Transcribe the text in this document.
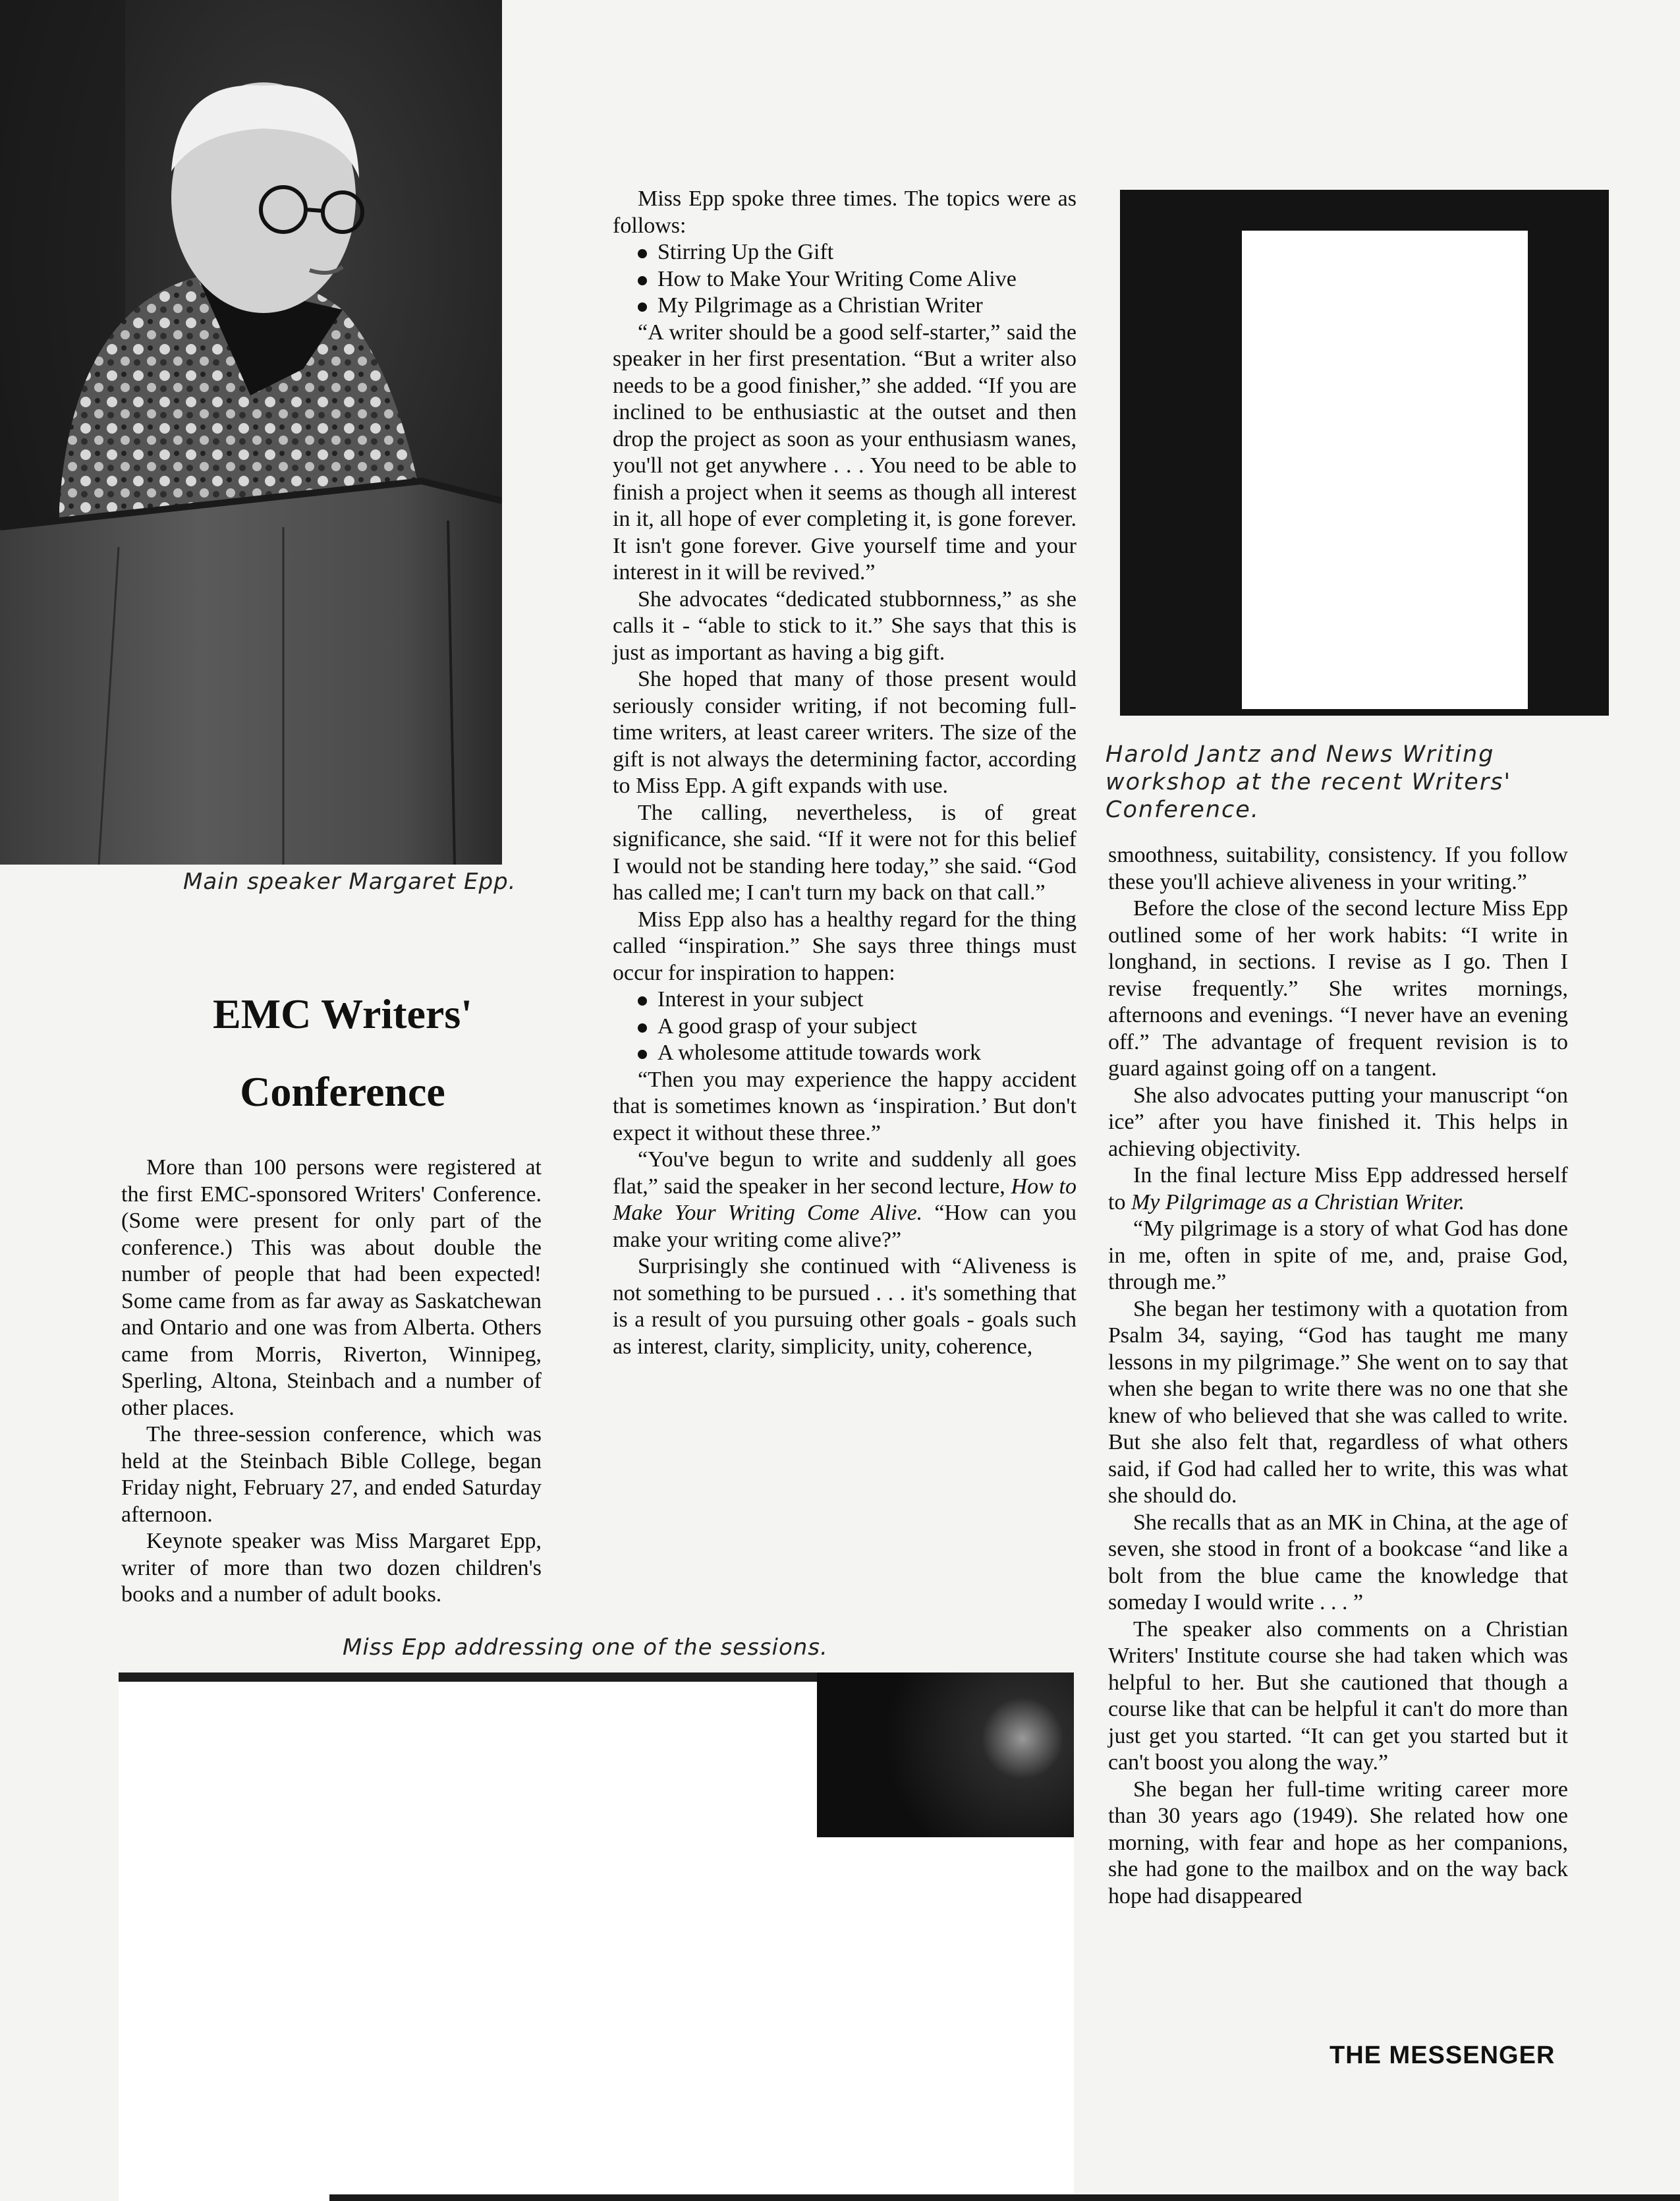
Main speaker Margaret Epp.
Harold Jantz and News Writing workshop at the recent Writers' Conference.
EMC Writers'
Conference

More than 100 persons were registered at the first EMC-sponsored Writers' Conference. (Some were present for only part of the conference.) This was about double the number of people that had been expected! Some came from as far away as Saskatchewan and Ontario and one was from Alberta. Others came from Morris, Riverton, Winnipeg, Sperling, Altona, Steinbach and a number of other places.

The three-session conference, which was held at the Steinbach Bible College, began Friday night, February 27, and ended Saturday afternoon.

Keynote speaker was Miss Margaret Epp, writer of more than two dozen children's books and a number of adult books.

Miss Epp spoke three times. The topics were as follows:

Stirring Up the Gift

How to Make Your Writing Come Alive

My Pilgrimage as a Christian Writer

“A writer should be a good self-starter,” said the speaker in her first presentation. “But a writer also needs to be a good finisher,” she added. “If you are inclined to be enthusiastic at the outset and then drop the project as soon as your enthusiasm wanes, you'll not get anywhere . . . You need to be able to finish a project when it seems as though all interest in it, all hope of ever completing it, is gone forever. It isn't gone forever. Give yourself time and your interest in it will be revived.”

She advocates “dedicated stubbornness,” as she calls it - “able to stick to it.” She says that this is just as important as having a big gift.

She hoped that many of those present would seriously consider writing, if not becoming full-time writers, at least career writers. The size of the gift is not always the determining factor, according to Miss Epp. A gift expands with use.

The calling, nevertheless, is of great significance, she said. “If it were not for this belief I would not be standing here today,” she said. “God has called me; I can't turn my back on that call.”

Miss Epp also has a healthy regard for the thing called “inspiration.” She says three things must occur for inspiration to happen:

Interest in your subject

A good grasp of your subject

A wholesome attitude towards work

“Then you may experience the happy accident that is sometimes known as ‘inspiration.’ But don't expect it without these three.”

“You've begun to write and suddenly all goes flat,” said the speaker in her second lecture, How to Make Your Writing Come Alive. “How can you make your writing come alive?”

Surprisingly she continued with “Aliveness is not something to be pursued . . . it's something that is a result of you pursuing other goals - goals such as interest, clarity, simplicity, unity, coherence,

smoothness, suitability, consistency. If you follow these you'll achieve aliveness in your writing.”

Before the close of the second lecture Miss Epp outlined some of her work habits: “I write in longhand, in sections. I revise as I go. Then I revise frequently.” She writes mornings, afternoons and evenings. “I never have an evening off.” The advantage of frequent revision is to guard against going off on a tangent.

She also advocates putting your manuscript “on ice” after you have finished it. This helps in achieving objectivity.

In the final lecture Miss Epp addressed herself to My Pilgrimage as a Christian Writer.

“My pilgrimage is a story of what God has done in me, often in spite of me, and, praise God, through me.”

She began her testimony with a quotation from Psalm 34, saying, “God has taught me many lessons in my pilgrimage.” She went on to say that when she began to write there was no one that she knew of who believed that she was called to write. But she also felt that, regardless of what others said, if God had called her to write, this was what she should do.

She recalls that as an MK in China, at the age of seven, she stood in front of a bookcase “and like a bolt from the blue came the knowledge that someday I would write . . . ”

The speaker also comments on a Christian Writers' Institute course she had taken which was helpful to her. But she cautioned that though a course like that can be helpful it can't do more than just get you started. “It can get you started but it can't boost you along the way.”

She began her full-time writing career more than 30 years ago (1949). She related how one morning, with fear and hope as her companions, she had gone to the mailbox and on the way back hope had disappeared

Miss Epp addressing one of the sessions.
THE MESSENGER
